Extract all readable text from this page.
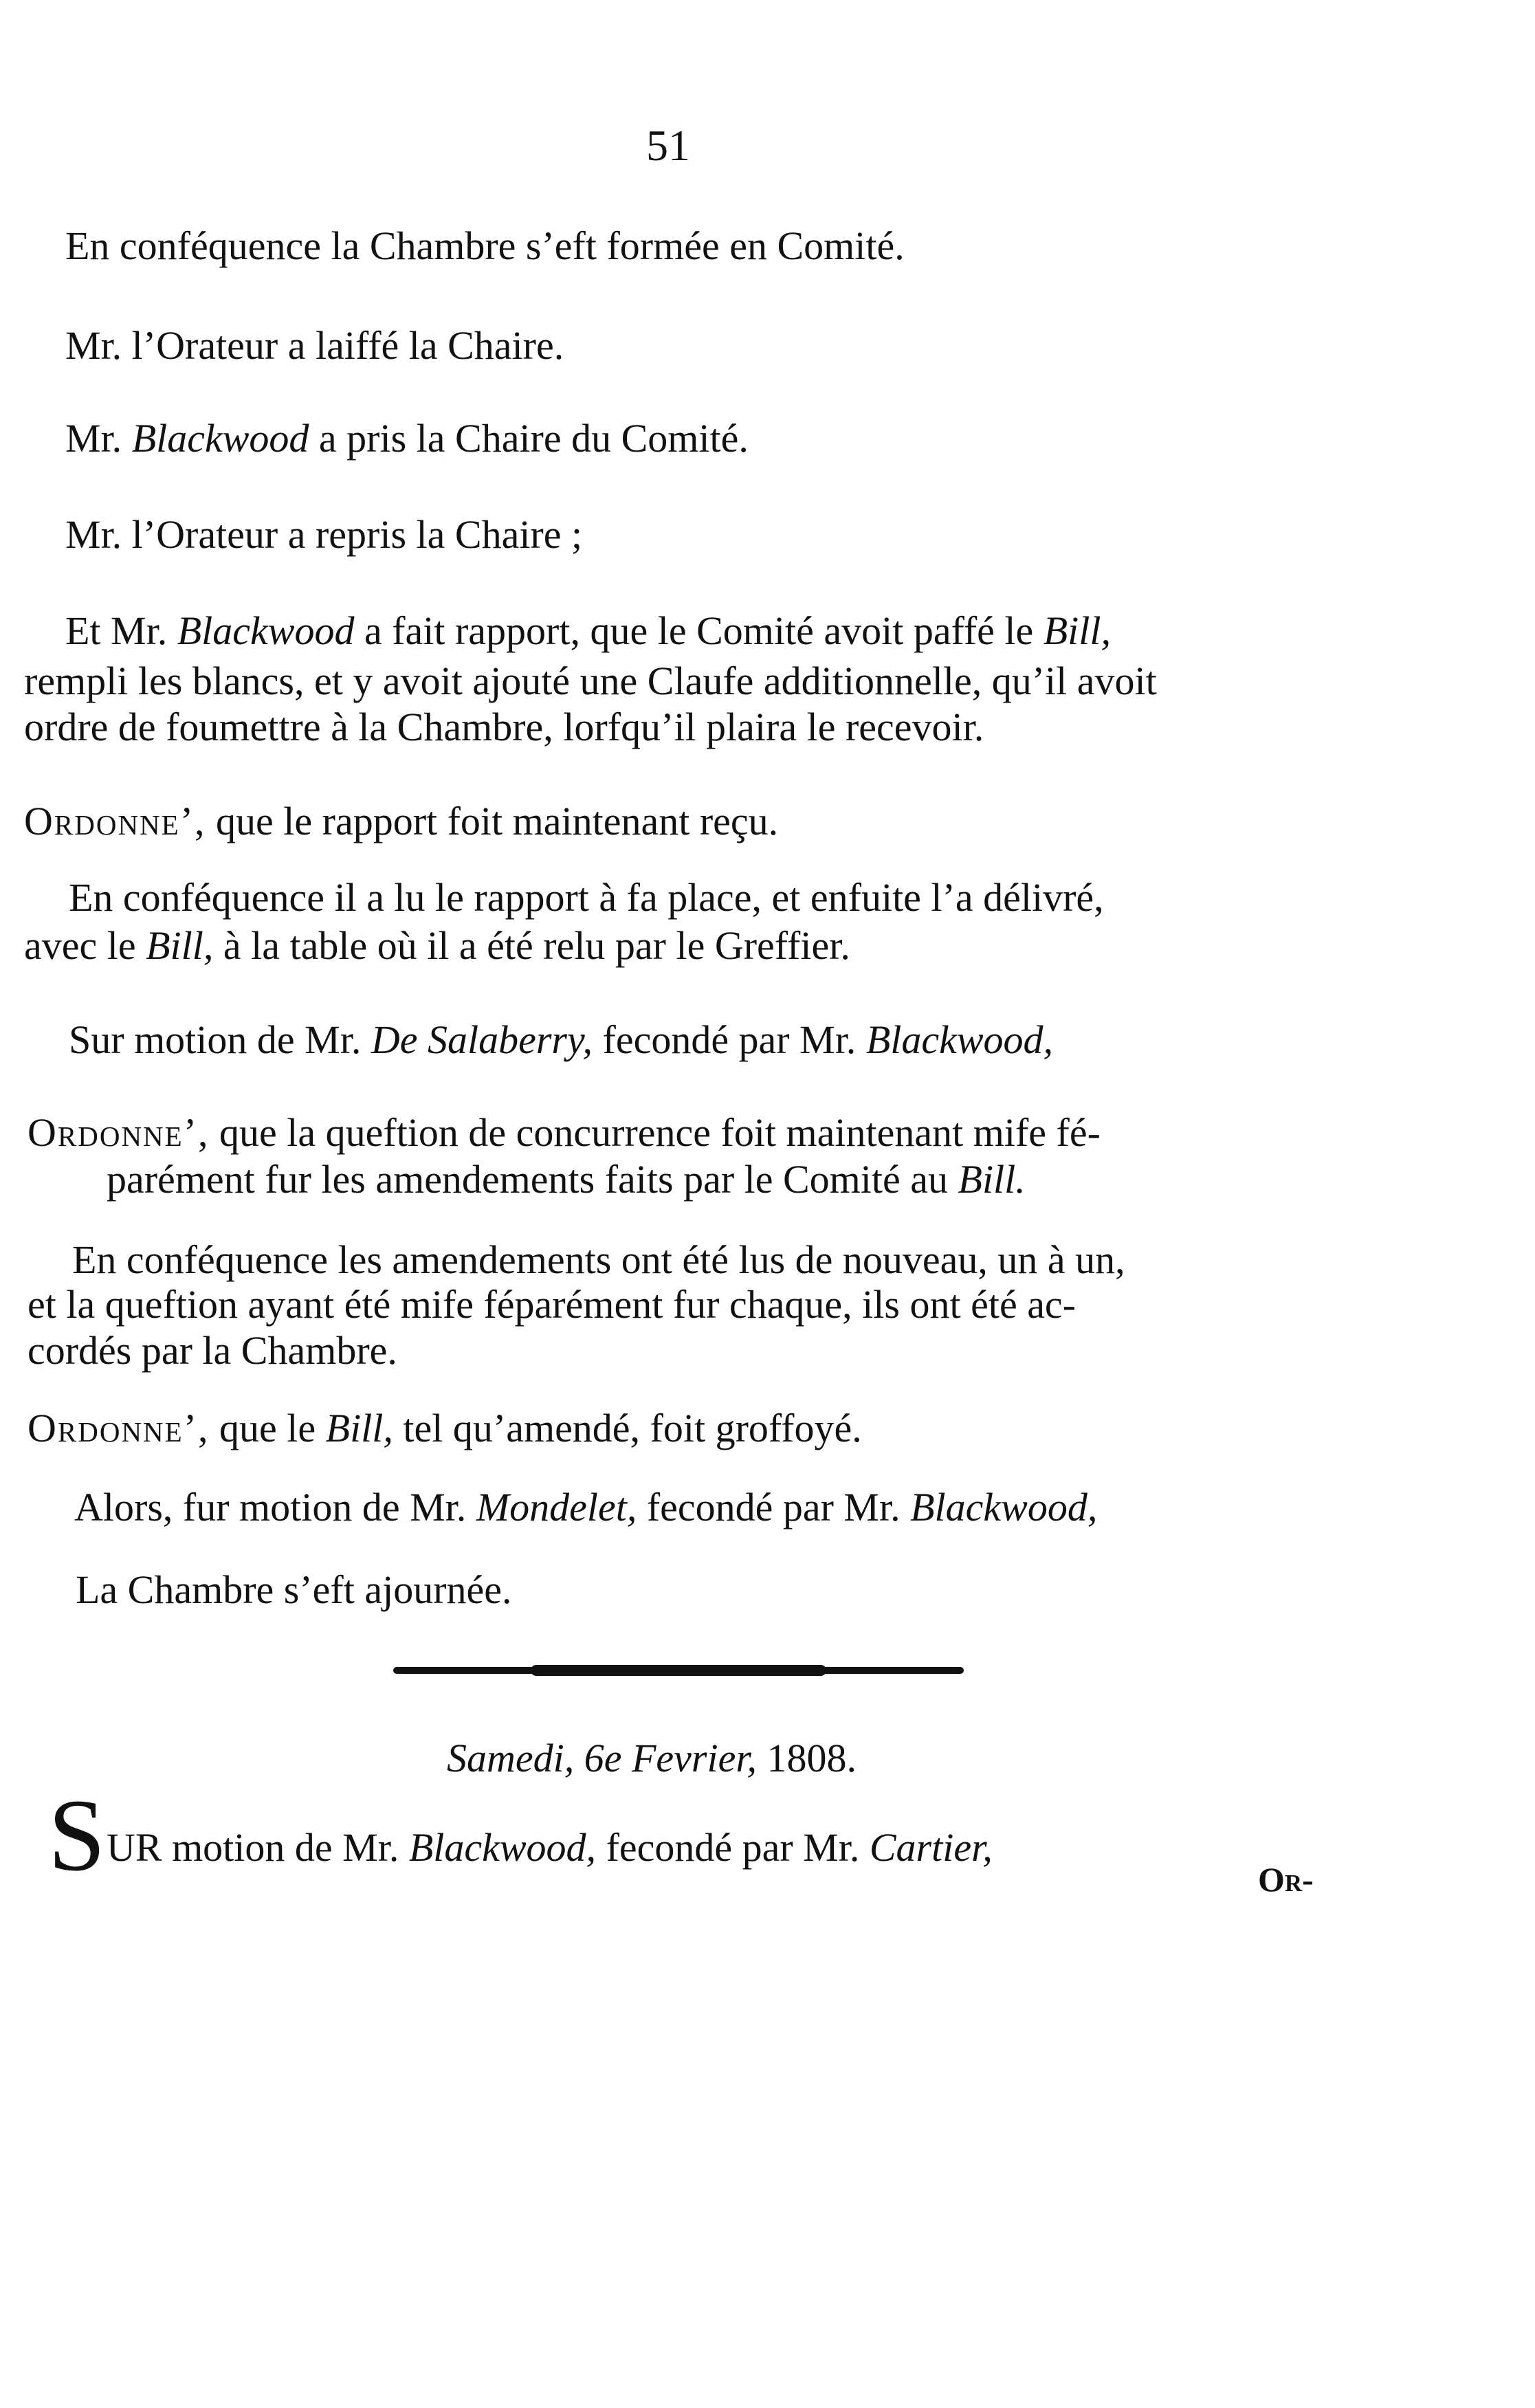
51
En conféquence la Chambre s’eft formée en Comité.
Mr. l’Orateur a laiffé la Chaire.
Mr. Blackwood a pris la Chaire du Comité.
Mr. l’Orateur a repris la Chaire ;
Et Mr. Blackwood a fait rapport, que le Comité avoit paffé le Bill,
rempli les blancs, et y avoit ajouté une Claufe additionnelle, qu’il avoit
ordre de foumettre à la Chambre, lorfqu’il plaira le recevoir.
Ordonne’, que le rapport foit maintenant reçu.
En conféquence il a lu le rapport à fa place, et enfuite l’a délivré,
avec le Bill, à la table où il a été relu par le Greffier.
Sur motion de Mr. De Salaberry, fecondé par Mr. Blackwood,
Ordonne’, que la queftion de concurrence foit maintenant mife fé-
parément fur les amendements faits par le Comité au Bill.
En conféquence les amendements ont été lus de nouveau, un à un,
et la queftion ayant été mife féparément fur chaque, ils ont été ac-
cordés par la Chambre.
Ordonne’, que le Bill, tel qu’amendé, foit groffoyé.
Alors, fur motion de Mr. Mondelet, fecondé par Mr. Blackwood,
La Chambre s’eft ajournée.
Samedi, 6e Fevrier, 1808.
S UR motion de Mr. Blackwood, fecondé par Mr. Cartier,
Or-
